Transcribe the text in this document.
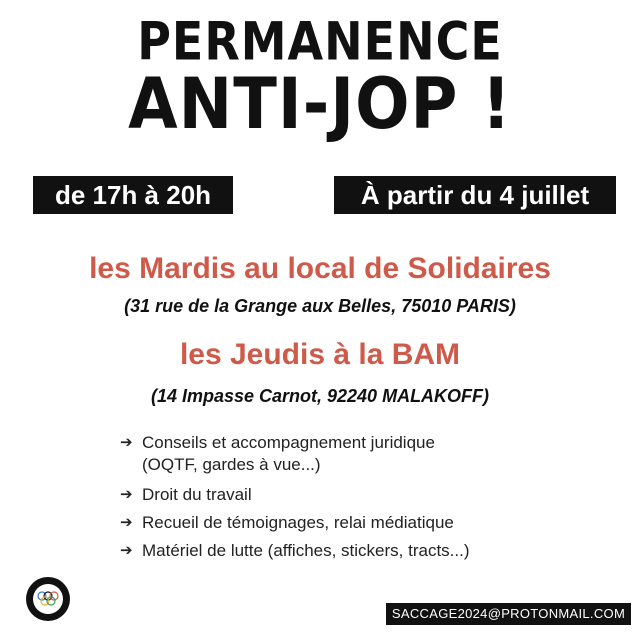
PERMANENCE
ANTI-JOP !
de 17h à 20h	À partir du 4 juillet
les Mardis au local de Solidaires
(31 rue de la Grange aux Belles, 75010 PARIS)
les Jeudis à la BAM
(14 Impasse Carnot, 92240 MALAKOFF)
➔ Conseils et accompagnement juridique
(OQTF, gardes à vue...)
➔ Droit du travail
➔ Recueil de témoignages, relai médiatique
➔ Matériel de lutte (affiches, stickers, tracts...)
SACCAGE2024@PROTONMAIL.COM
